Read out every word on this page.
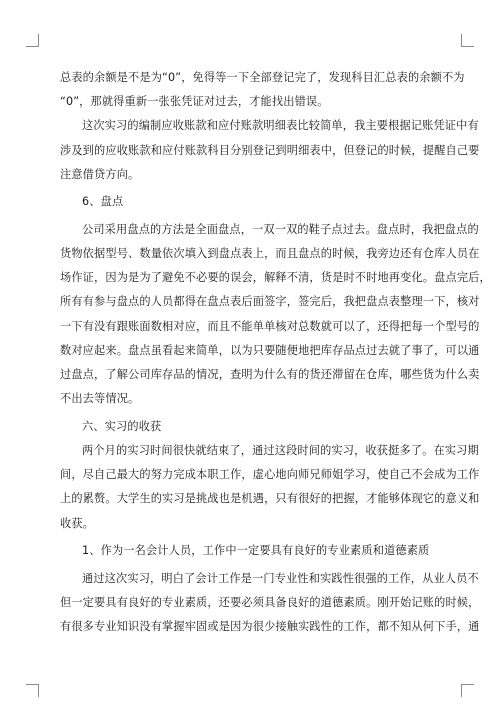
总表的余额是不是为“0”，免得等一下全部登记完了，发现科目汇总表的余额不为
“0”，那就得重新一张张凭证对过去，才能找出错误。
这次实习的编制应收账款和应付账款明细表比较简单，我主要根据记账凭证中有
涉及到的应收账款和应付账款科目分别登记到明细表中，但登记的时候，提醒自己要
注意借贷方向。
6、盘点
公司采用盘点的方法是全面盘点，一双一双的鞋子点过去。盘点时，我把盘点的
货物依据型号、数量依次填入到盘点表上，而且盘点的时候，我旁边还有仓库人员在
场作证，因为是为了避免不必要的误会，解释不清，货是时不时地再变化。盘点完后，
所有有参与盘点的人员都得在盘点表后面签字，签完后，我把盘点表整理一下，核对
一下有没有跟账面数相对应，而且不能单单核对总数就可以了，还得把每一个型号的
数对应起来。盘点虽看起来简单，以为只要随便地把库存品点过去就了事了，可以通
过盘点，了解公司库存品的情况，查明为什么有的货还滞留在仓库，哪些货为什么卖
不出去等情况。
六、实习的收获
两个月的实习时间很快就结束了，通过这段时间的实习，收获挺多了。在实习期
间，尽自己最大的努力完成本职工作，虚心地向师兄师姐学习，使自己不会成为工作
上的累赘。大学生的实习是挑战也是机遇，只有很好的把握，才能够体现它的意义和
收获。
1、作为一名会计人员，工作中一定要具有良好的专业素质和道德素质
通过这次实习，明白了会计工作是一门专业性和实践性很强的工作，从业人员不
但一定要具有良好的专业素质，还要必须具备良好的道德素质。刚开始记账的时候，
有很多专业知识没有掌握牢固或是因为很少接触实践性的工作，都不知从何下手，通
